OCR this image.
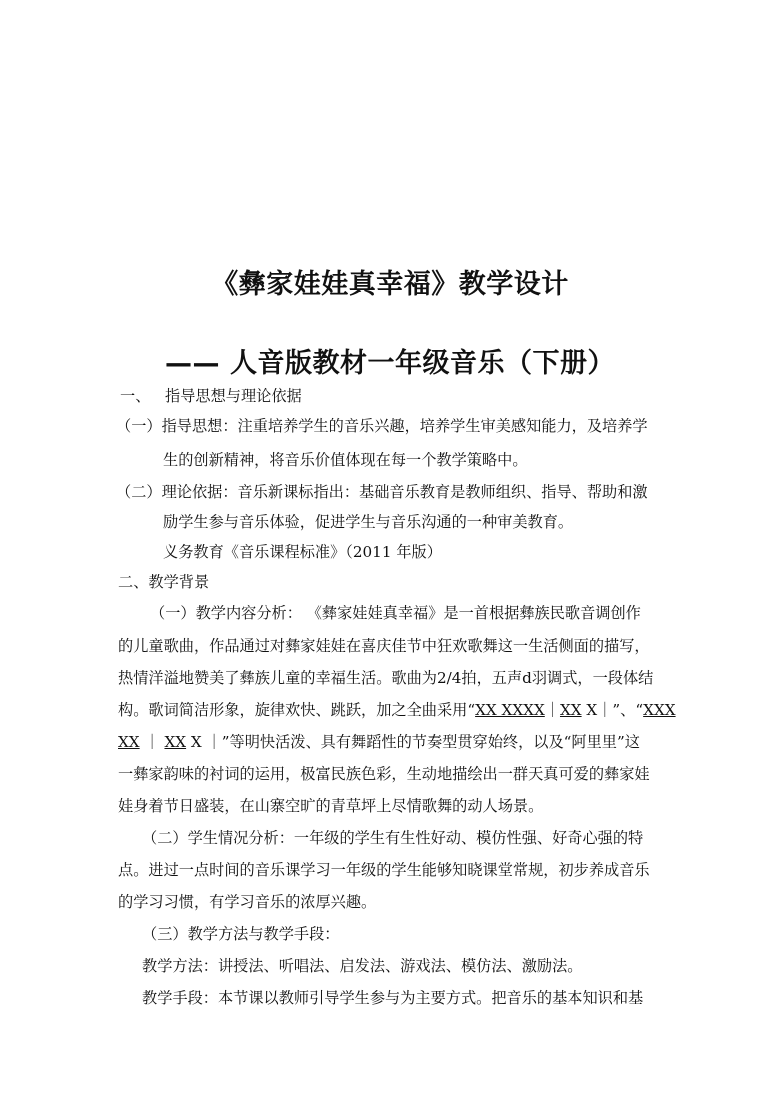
《彝家娃娃真幸福》教学设计
—— 人音版教材一年级音乐（下册）
一、 指导思想与理论依据
（一）指导思想：注重培养学生的音乐兴趣，培养学生审美感知能力，及培养学
生的创新精神，将音乐价值体现在每一个教学策略中。
（二）理论依据：音乐新课标指出：基础音乐教育是教师组织、指导、帮助和激
励学生参与音乐体验，促进学生与音乐沟通的一种审美教育。
义务教育《音乐课程标准》（2011 年版）
二、教学背景
（一）教学内容分析： 《彝家娃娃真幸福》是一首根据彝族民歌音调创作
的儿童歌曲，作品通过对彝家娃娃在喜庆佳节中狂欢歌舞这一生活侧面的描写，
热情洋溢地赞美了彝族儿童的幸福生活。歌曲为2/4拍，五声d羽调式，一段体结
构。歌词简洁形象，旋律欢快、跳跃，加之全曲采用“XX XXXX｜XX X｜”、“XXX
XX ｜ XX X ｜”等明快活泼、具有舞蹈性的节奏型贯穿始终，以及“阿里里”这
一彝家韵味的衬词的运用，极富民族色彩，生动地描绘出一群天真可爱的彝家娃
娃身着节日盛装，在山寨空旷的青草坪上尽情歌舞的动人场景。
（二）学生情况分析：一年级的学生有生性好动、模仿性强、好奇心强的特
点。进过一点时间的音乐课学习一年级的学生能够知晓课堂常规，初步养成音乐
的学习习惯，有学习音乐的浓厚兴趣。
（三）教学方法与教学手段：
教学方法：讲授法、听唱法、启发法、游戏法、模仿法、激励法。
教学手段：本节课以教师引导学生参与为主要方式。把音乐的基本知识和基
